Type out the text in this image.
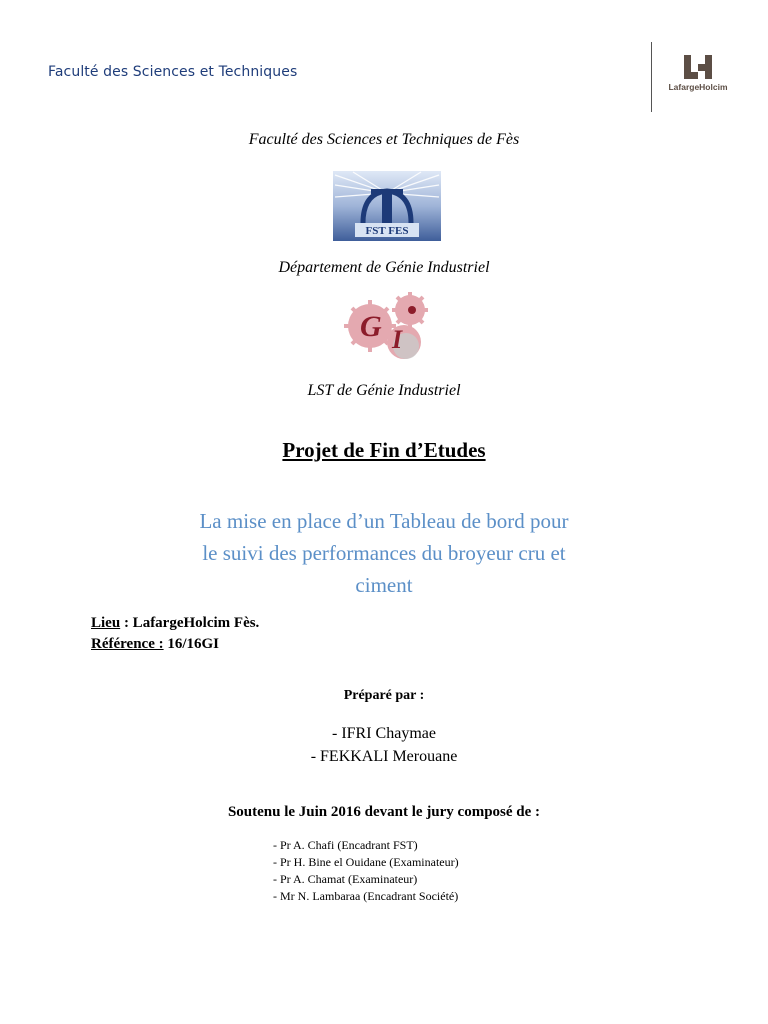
Faculté des Sciences et Techniques
LafargeHolcim
Faculté des Sciences et Techniques de Fès
FST FES
Département de Génie Industriel
G I
LST de Génie Industriel
Projet de Fin d’Etudes
La mise en place d’un Tableau de bord pour
le suivi des performances du broyeur cru et
ciment
Lieu : LafargeHolcim Fès.
Référence : 16/16GI
Préparé par :
- IFRI Chaymae
- FEKKALI Merouane
Soutenu le Juin 2016 devant le jury composé de :
- Pr A. Chafi (Encadrant FST)
- Pr H. Bine el Ouidane (Examinateur)
- Pr A. Chamat (Examinateur)
- Mr N. Lambaraa (Encadrant Société)
